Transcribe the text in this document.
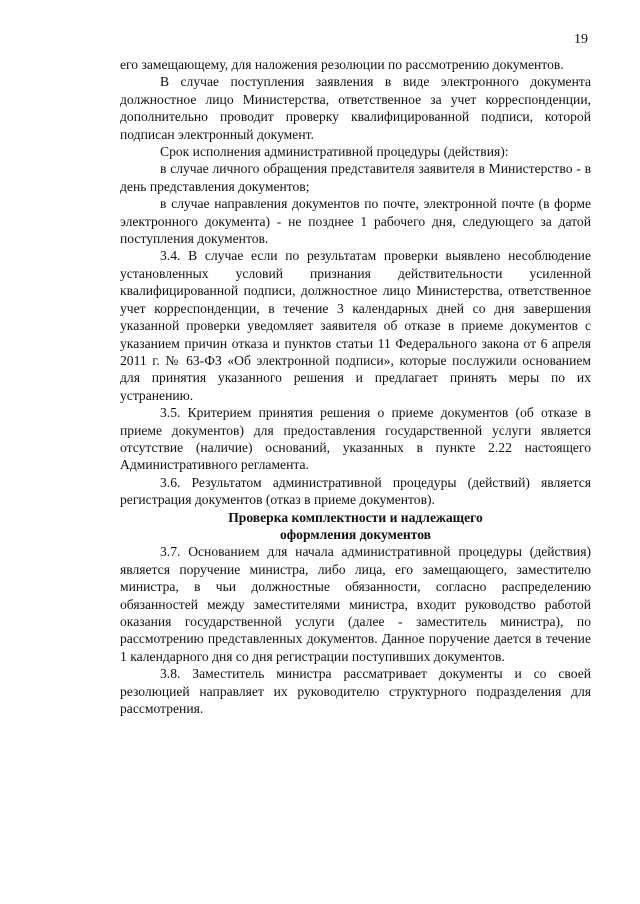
19

его замещающему, для наложения резолюции по рассмотрению документов.

В случае поступления заявления в виде электронного документа должностное лицо Министерства, ответственное за учет корреспонденции, дополнительно проводит проверку квалифицированной подписи, которой подписан электронный документ.

Срок исполнения административной процедуры (действия):

в случае личного обращения представителя заявителя в Министерство - в день представления документов;

в случае направления документов по почте, электронной почте (в форме электронного документа) - не позднее 1 рабочего дня, следующего за датой поступления документов.

3.4. В случае если по результатам проверки выявлено несоблюдение установленных условий признания действительности усиленной квалифицированной подписи, должностное лицо Министерства, ответственное учет корреспонденции, в течение 3 календарных дней со дня завершения указанной проверки уведомляет заявителя об отказе в приеме документов с указанием причин отказа и пунктов статьи 11 Федерального закона от 6 апреля 2011 г. № 63-ФЗ «Об электронной подписи», которые послужили основанием для принятия указанного решения и предлагает принять меры по их устранению.

3.5. Критерием принятия решения о приеме документов (об отказе в приеме документов) для предоставления государственной услуги является отсутствие (наличие) оснований, указанных в пункте 2.22 настоящего Административного регламента.

3.6. Результатом административной процедуры (действий) является регистрация документов (отказ в приеме документов).

Проверка комплектности и надлежащего
оформления документов

3.7. Основанием для начала административной процедуры (действия) является поручение министра, либо лица, его замещающего, заместителю министра, в чьи должностные обязанности, согласно распределению обязанностей между заместителями министра, входит руководство работой оказания государственной услуги (далее - заместитель министра), по рассмотрению представленных документов. Данное поручение дается в течение 1 календарного дня со дня регистрации поступивших документов.

3.8. Заместитель министра рассматривает документы и со своей резолюцией направляет их руководителю структурного подразделения для рассмотрения.
